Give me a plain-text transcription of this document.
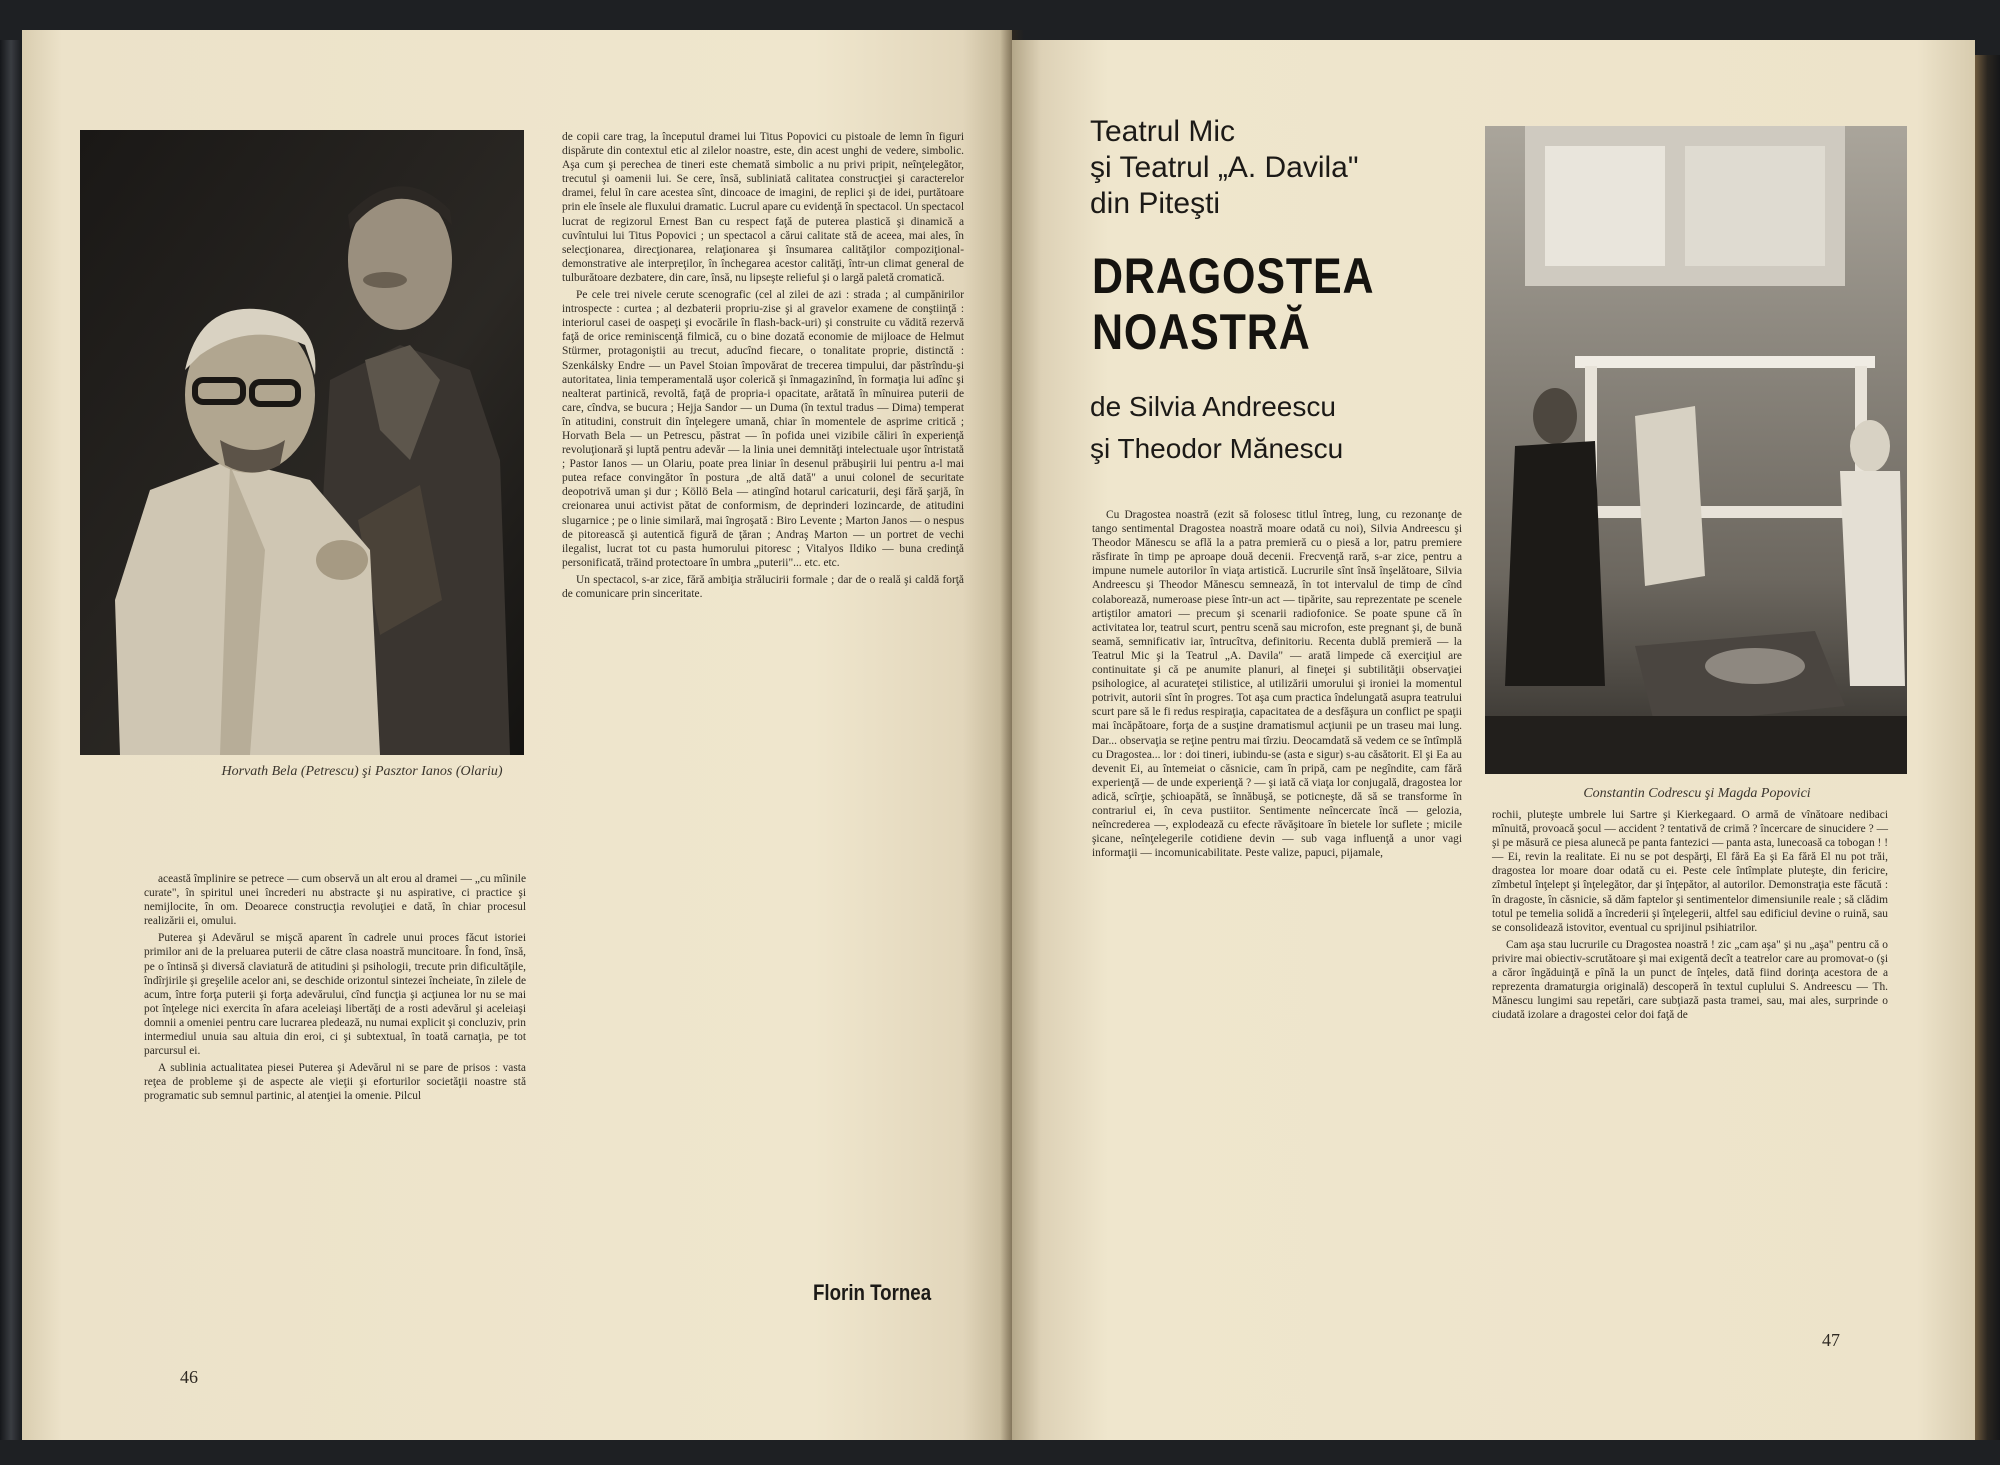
Horvath Bela (Petrescu) şi Pasztor Ianos (Olariu)

această împlinire se petrece — cum observă un alt erou al dramei — „cu mîinile curate", în spiritul unei încrederi nu abstracte şi nu aspirative, ci practice şi nemijlocite, în om. Deoarece construcţia revoluţiei e dată, în chiar procesul realizării ei, omului.

Puterea şi Adevărul se mişcă aparent în cadrele unui proces făcut istoriei primilor ani de la preluarea puterii de către clasa noastră muncitoare. În fond, însă, pe o întinsă şi diversă claviatură de atitudini şi psihologii, trecute prin dificultăţile, îndîrjirile şi greşelile acelor ani, se deschide orizontul sintezei încheiate, în zilele de acum, între forţa puterii şi forţa adevărului, cînd funcţia şi acţiunea lor nu se mai pot înţelege nici exercita în afara aceleiaşi libertăţi de a rosti adevărul şi aceleiaşi domnii a omeniei pentru care lucrarea pledează, nu numai explicit şi concluziv, prin intermediul unuia sau altuia din eroi, ci şi subtextual, în toată carnaţia, pe tot parcursul ei.

A sublinia actualitatea piesei Puterea şi Adevărul ni se pare de prisos : vasta reţea de probleme şi de aspecte ale vieţii şi eforturilor societăţii noastre stă programatic sub semnul partinic, al atenţiei la omenie. Pilcul

de copii care trag, la începutul dramei lui Titus Popovici cu pistoale de lemn în figuri dispărute din contextul etic al zilelor noastre, este, din acest unghi de vedere, simbolic. Aşa cum şi perechea de tineri este chemată simbolic a nu privi pripit, neînţelegător, trecutul şi oamenii lui. Se cere, însă, subliniată calitatea construcţiei şi caracterelor dramei, felul în care acestea sînt, dincoace de imagini, de replici şi de idei, purtătoare prin ele însele ale fluxului dramatic. Lucrul apare cu evidenţă în spectacol. Un spectacol lucrat de regizorul Ernest Ban cu respect faţă de puterea plastică şi dinamică a cuvîntului lui Titus Popovici ; un spectacol a cărui calitate stă de aceea, mai ales, în selecţionarea, direcţionarea, relaţionarea şi însumarea calităţilor compoziţional-demonstrative ale interpreţilor, în închegarea acestor calităţi, într-un climat general de tulburătoare dezbatere, din care, însă, nu lipseşte relieful şi o largă paletă cromatică.

Pe cele trei nivele cerute scenografic (cel al zilei de azi : strada ; al cumpănirilor introspecte : curtea ; al dezbaterii propriu-zise şi al gravelor examene de conştiinţă : interiorul casei de oaspeţi şi evocările în flash-back-uri) şi construite cu vădită rezervă faţă de orice reminiscenţă filmică, cu o bine dozată economie de mijloace de Helmut Stürmer, protagoniştii au trecut, aducînd fiecare, o tonalitate proprie, distinctă : Szenkálsky Endre — un Pavel Stoian împovărat de trecerea timpului, dar păstrîndu-şi autoritatea, linia temperamentală uşor colerică şi înmagazinînd, în formaţia lui adînc şi nealterat partinică, revoltă, faţă de propria-i opacitate, arătată în mînuirea puterii de care, cîndva, se bucura ; Hejja Sandor — un Duma (în textul tradus — Dima) temperat în atitudini, construit din înţelegere umană, chiar în momentele de asprime critică ; Horvath Bela — un Petrescu, păstrat — în pofida unei vizibile căliri în experienţă revoluţionară şi luptă pentru adevăr — la linia unei demnităţi intelectuale uşor întristată ; Pastor Ianos — un Olariu, poate prea liniar în desenul prăbuşirii lui pentru a-l mai putea reface convingător în postura „de altă dată" a unui colonel de securitate deopotrivă uman şi dur ; Köllö Bela — atingînd hotarul caricaturii, deşi fără şarjă, în creionarea unui activist pătat de conformism, de deprinderi lozincarde, de atitudini slugarnice ; pe o linie similară, mai îngroşată : Biro Levente ; Marton Janos — o nespus de pitorească şi autentică figură de ţăran ; Andraş Marton — un portret de vechi ilegalist, lucrat tot cu pasta humorului pitoresc ; Vitalyos Ildiko — buna credinţă personificată, trăind protectoare în umbra „puterii"... etc. etc.

Un spectacol, s-ar zice, fără ambiţia strălucirii formale ; dar de o reală şi caldă forţă de comunicare prin sinceritate.

Florin Tornea
46
Teatrul Mic
şi Teatrul „A. Davila"
din Piteşti
DRAGOSTEA
NOASTRĂ
de Silvia Andreescu
şi Theodor Mănescu
Constantin Codrescu şi Magda Popovici

Cu Dragostea noastră (ezit să folosesc titlul întreg, lung, cu rezonanţe de tango sentimental Dragostea noastră moare odată cu noi), Silvia Andreescu şi Theodor Mănescu se află la a patra premieră cu o piesă a lor, patru premiere răsfirate în timp pe aproape două decenii. Frecvenţă rară, s-ar zice, pentru a impune numele autorilor în viaţa artistică. Lucrurile sînt însă înşelătoare, Silvia Andreescu şi Theodor Mănescu semnează, în tot intervalul de timp de cînd colaborează, numeroase piese într-un act — tipărite, sau reprezentate pe scenele artiştilor amatori — precum şi scenarii radiofonice. Se poate spune că în activitatea lor, teatrul scurt, pentru scenă sau microfon, este pregnant şi, de bună seamă, semnificativ iar, întrucîtva, definitoriu. Recenta dublă premieră — la Teatrul Mic şi la Teatrul „A. Davila" — arată limpede că exerciţiul are continuitate şi că pe anumite planuri, al fineţei şi subtilităţii observaţiei psihologice, al acurateţei stilistice, al utilizării umorului şi ironiei la momentul potrivit, autorii sînt în progres. Tot aşa cum practica îndelungată asupra teatrului scurt pare să le fi redus respiraţia, capacitatea de a desfăşura un conflict pe spaţii mai încăpătoare, forţa de a susţine dramatismul acţiunii pe un traseu mai lung. Dar... observaţia se reţine pentru mai tîrziu. Deocamdată să vedem ce se întîmplă cu Dragostea... lor : doi tineri, iubindu-se (asta e sigur) s-au căsătorit. El şi Ea au devenit Ei, au întemeiat o căsnicie, cam în pripă, cam pe negîndite, cam fără experienţă — de unde experienţă ? — şi iată că viaţa lor conjugală, dragostea lor adică, scîrţie, şchioapătă, se înnăbuşă, se poticneşte, dă să se transforme în contrariul ei, în ceva pustiitor. Sentimente neîncercate încă — gelozia, neîncrederea —, explodează cu efecte răvăşitoare în bietele lor suflete ; micile şicane, neînţelegerile cotidiene devin — sub vaga influenţă a unor vagi informaţii — incomunicabilitate. Peste valize, papuci, pijamale,

rochii, pluteşte umbrele lui Sartre şi Kierkegaard. O armă de vînătoare nedibaci mînuită, provoacă şocul — accident ? tentativă de crimă ? încercare de sinucidere ? — şi pe măsură ce piesa alunecă pe panta fantezici — panta asta, lunecoasă ca tobogan ! ! — Ei, revin la realitate. Ei nu se pot despărţi, El fără Ea şi Ea fără El nu pot trăi, dragostea lor moare doar odată cu ei. Peste cele întîmplate pluteşte, din fericire, zîmbetul înţelept şi înţelegător, dar şi înţepător, al autorilor. Demonstraţia este făcută : în dragoste, în căsnicie, să dăm faptelor şi sentimentelor dimensiunile reale ; să clădim totul pe temelia solidă a încrederii şi înţelegerii, altfel sau edificiul devine o ruină, sau se consolidează istovitor, eventual cu sprijinul psihiatrilor.

Cam aşa stau lucrurile cu Dragostea noastră ! zic „cam aşa" şi nu „aşa" pentru că o privire mai obiectiv-scrutătoare şi mai exigentă decît a teatrelor care au promovat-o (şi a căror îngăduinţă e pînă la un punct de înţeles, dată fiind dorinţa acestora de a reprezenta dramaturgia originală) descoperă în textul cuplului S. Andreescu — Th. Mănescu lungimi sau repetări, care subţiază pasta tramei, sau, mai ales, surprinde o ciudată izolare a dragostei celor doi faţă de

47
